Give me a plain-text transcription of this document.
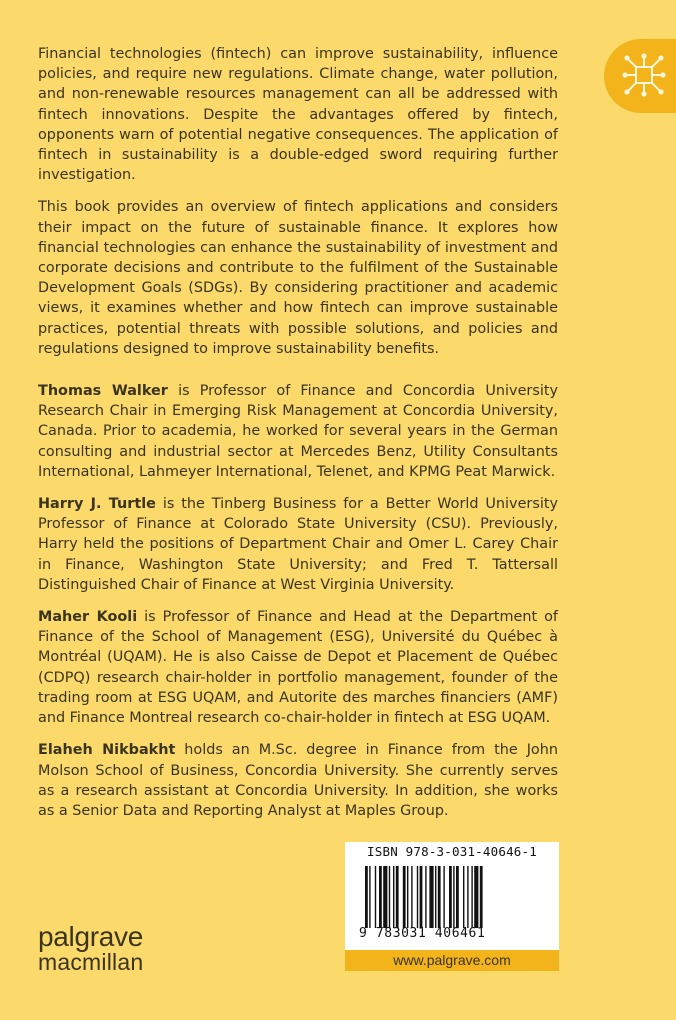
Financial technologies (fintech) can improve sustainability, influence policies, and require new regulations. Climate change, water pollution, and non-renewable resources management can all be addressed with fintech innovations. Despite the advantages offered by fintech, opponents warn of potential negative consequences. The application of fintech in sustainability is a double-edged sword requiring further investigation.

This book provides an overview of fintech applications and considers their impact on the future of sustainable finance. It explores how financial technologies can enhance the sustainability of investment and corporate decisions and contribute to the fulfilment of the Sustainable Development Goals (SDGs). By considering practitioner and academic views, it examines whether and how fintech can improve sustainable practices, potential threats with possible solutions, and policies and regulations designed to improve sustainability benefits.

Thomas Walker is Professor of Finance and Concordia University Research Chair in Emerging Risk Management at Concordia University, Canada. Prior to academia, he worked for several years in the German consulting and industrial sector at Mercedes Benz, Utility Consultants International, Lahmeyer International, Telenet, and KPMG Peat Marwick.

Harry J. Turtle is the Tinberg Business for a Better World University Professor of Finance at Colorado State University (CSU). Previously, Harry held the positions of Department Chair and Omer L. Carey Chair in Finance, Washington State University; and Fred T. Tattersall Distinguished Chair of Finance at West Virginia University.

Maher Kooli is Professor of Finance and Head at the Department of Finance of the School of Management (ESG), Université du Québec à Montréal (UQAM). He is also Caisse de Depot et Placement de Québec (CDPQ) research chair-holder in portfolio management, founder of the trading room at ESG UQAM, and Autorite des marches financiers (AMF) and Finance Montreal research co-chair-holder in fintech at ESG UQAM.

Elaheh Nikbakht holds an M.Sc. degree in Finance from the John Molson School of Business, Concordia University. She currently serves as a research assistant at Concordia University. In addition, she works as a Senior Data and Reporting Analyst at Maples Group.

ISBN 978-3-031-40646-1
9 783031 406461
www.palgrave.com
palgrave
macmillan
